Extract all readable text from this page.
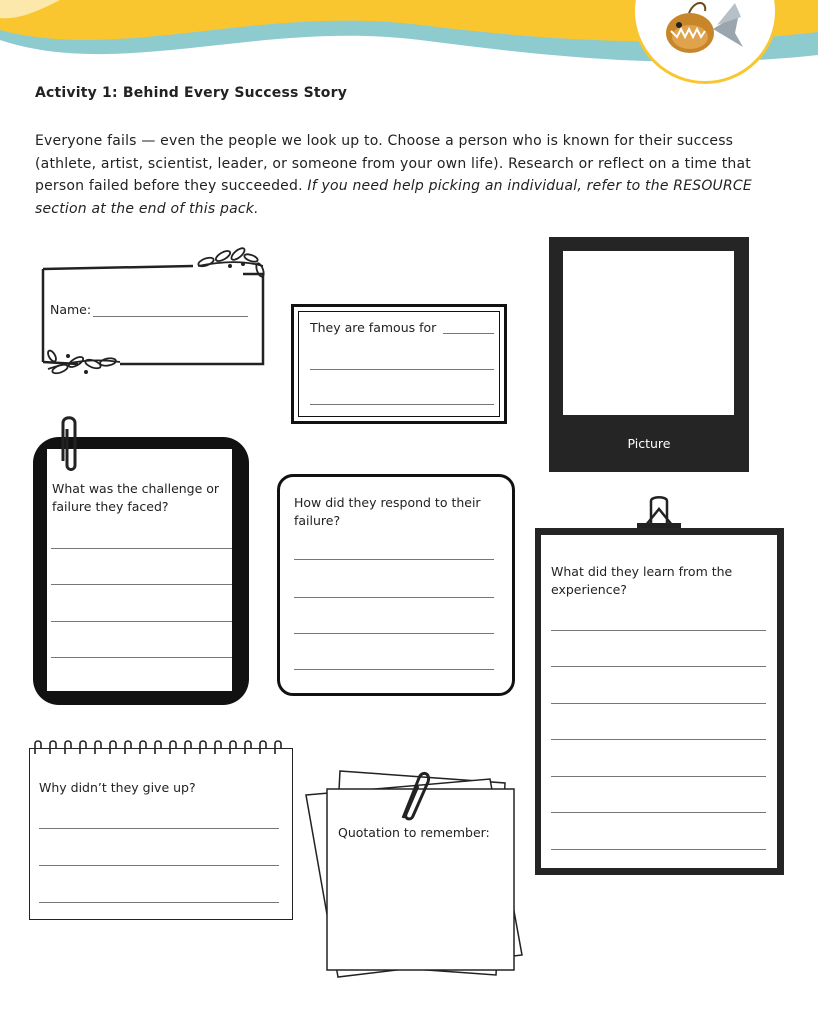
Activity 1: Behind Every Success Story
Everyone fails — even the people we look up to. Choose a person who is known for their success (athlete, artist, scientist, leader, or someone from your own life). Research or reflect on a time that person failed before they succeeded. If you need help picking an individual, refer to the RESOURCE section at the end of this pack.
Name:
They are famous for
Picture
What was the challenge or failure they faced?	How did they respond to their failure?
What did they learn from the experience?
Why didn’t they give up?
Quotation to remember:
